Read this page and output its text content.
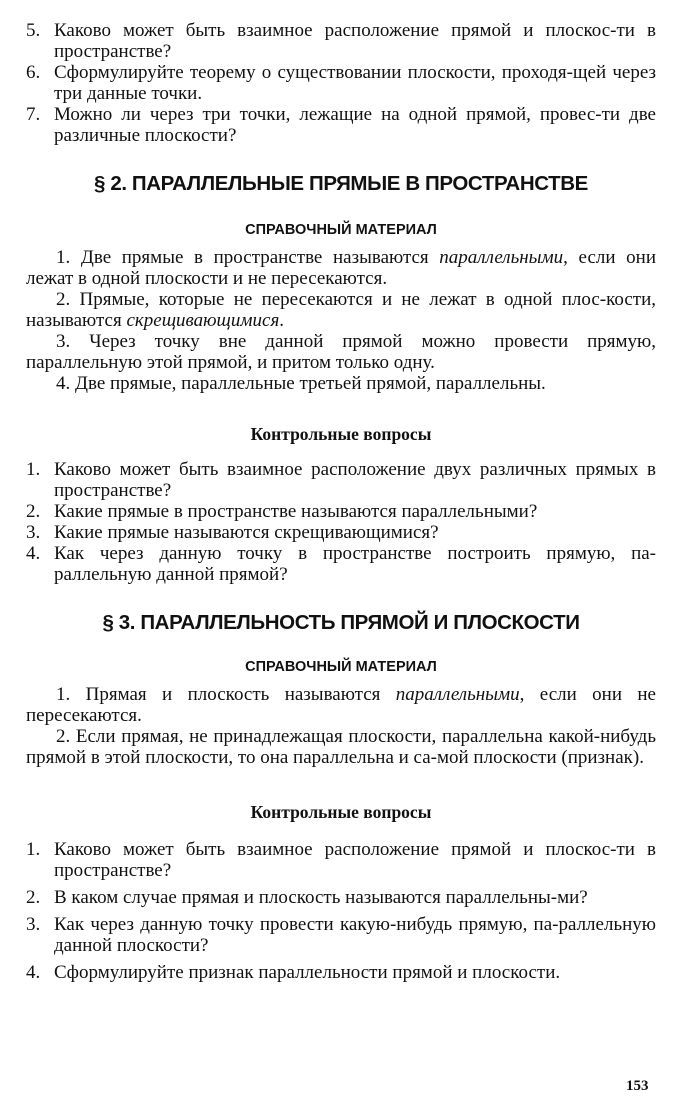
5. Каково может быть взаимное расположение прямой и плоскос-ти в пространстве?
6. Сформулируйте теорему о существовании плоскости, проходя-щей через три данные точки.
7. Можно ли через три точки, лежащие на одной прямой, провес-ти две различные плоскости?
§ 2. ПАРАЛЛЕЛЬНЫЕ ПРЯМЫЕ В ПРОСТРАНСТВЕ
СПРАВОЧНЫЙ МАТЕРИАЛ

1. Две прямые в пространстве называются параллельными, если они лежат в одной плоскости и не пересекаются.

2. Прямые, которые не пересекаются и не лежат в одной плос-кости, называются скрещивающимися.

3. Через точку вне данной прямой можно провести прямую, параллельную этой прямой, и притом только одну.

4. Две прямые, параллельные третьей прямой, параллельны.

Контрольные вопросы
1. Каково может быть взаимное расположение двух различных прямых в пространстве?
2. Какие прямые в пространстве называются параллельными?
3. Какие прямые называются скрещивающимися?
4. Как через данную точку в пространстве построить прямую, па-раллельную данной прямой?
§ 3. ПАРАЛЛЕЛЬНОСТЬ ПРЯМОЙ И ПЛОСКОСТИ
СПРАВОЧНЫЙ МАТЕРИАЛ

1. Прямая и плоскость называются параллельными, если они не пересекаются.

2. Если прямая, не принадлежащая плоскости, параллельна какой-нибудь прямой в этой плоскости, то она параллельна и са-мой плоскости (признак).

Контрольные вопросы
1. Каково может быть взаимное расположение прямой и плоскос-ти в пространстве?
2. В каком случае прямая и плоскость называются параллельны-ми?
3. Как через данную точку провести какую-нибудь прямую, па-раллельную данной плоскости?
4. Сформулируйте признак параллельности прямой и плоскости.
153
